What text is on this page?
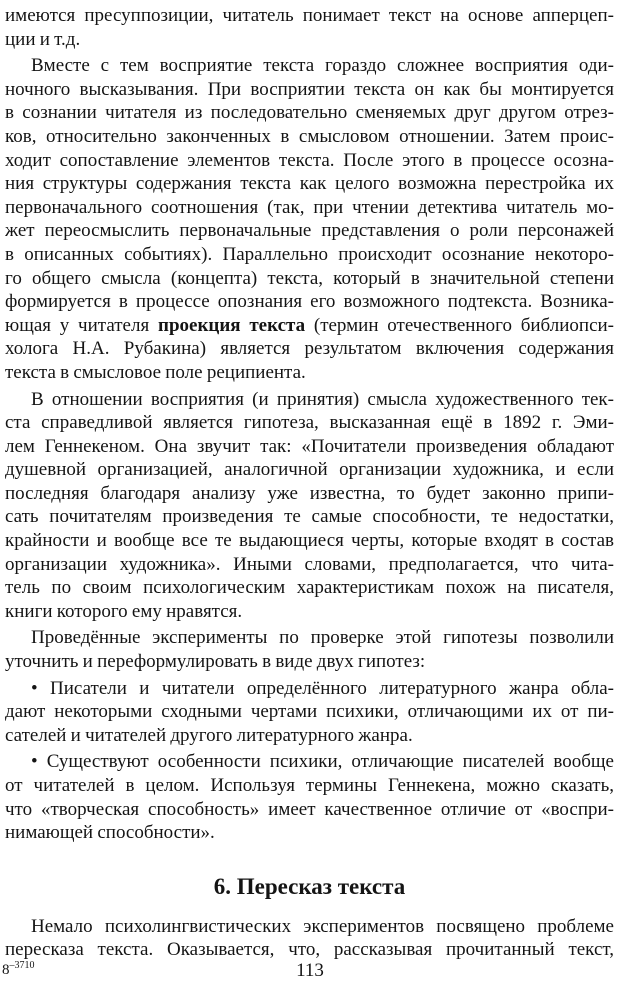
имеются пресуппозиции, читатель понимает текст на основе апперцеп-
ции и т.д.
Вместе с тем восприятие текста гораздо сложнее восприятия оди-
ночного высказывания. При восприятии текста он как бы монтируется
в сознании читателя из последовательно сменяемых друг другом отрез-
ков, относительно законченных в смысловом отношении. Затем проис-
ходит сопоставление элементов текста. После этого в процессе осозна-
ния структуры содержания текста как целого возможна перестройка их
первоначального соотношения (так, при чтении детектива читатель мо-
жет переосмыслить первоначальные представления о роли персонажей
в описанных событиях). Параллельно происходит осознание некоторо-
го общего смысла (концепта) текста, который в значительной степени
формируется в процессе опознания его возможного подтекста. Возника-
ющая у читателя проекция текста (термин отечественного библиопси-
холога Н.А. Рубакина) является результатом включения содержания
текста в смысловое поле реципиента.
В отношении восприятия (и принятия) смысла художественного тек-
ста справедливой является гипотеза, высказанная ещё в 1892 г. Эми-
лем Геннекеном. Она звучит так: «Почитатели произведения обладают
душевной организацией, аналогичной организации художника, и если
последняя благодаря анализу уже известна, то будет законно припи-
сать почитателям произведения те самые способности, те недостатки,
крайности и вообще все те выдающиеся черты, которые входят в состав
организации художника». Иными словами, предполагается, что чита-
тель по своим психологическим характеристикам похож на писателя,
книги которого ему нравятся.
Проведённые эксперименты по проверке этой гипотезы позволили
уточнить и переформулировать в виде двух гипотез:
• Писатели и читатели определённого литературного жанра обла-
дают некоторыми сходными чертами психики, отличающими их от пи-
сателей и читателей другого литературного жанра.
• Существуют особенности психики, отличающие писателей вообще
от читателей в целом. Используя термины Геннекена, можно сказать,
что «творческая способность» имеет качественное отличие от «воспри-
нимающей способности».
6. Пересказ текста
Немало психолингвистических экспериментов посвящено проблеме
пересказа текста. Оказывается, что, рассказывая прочитанный текст,
$8^{-3710}$	113
